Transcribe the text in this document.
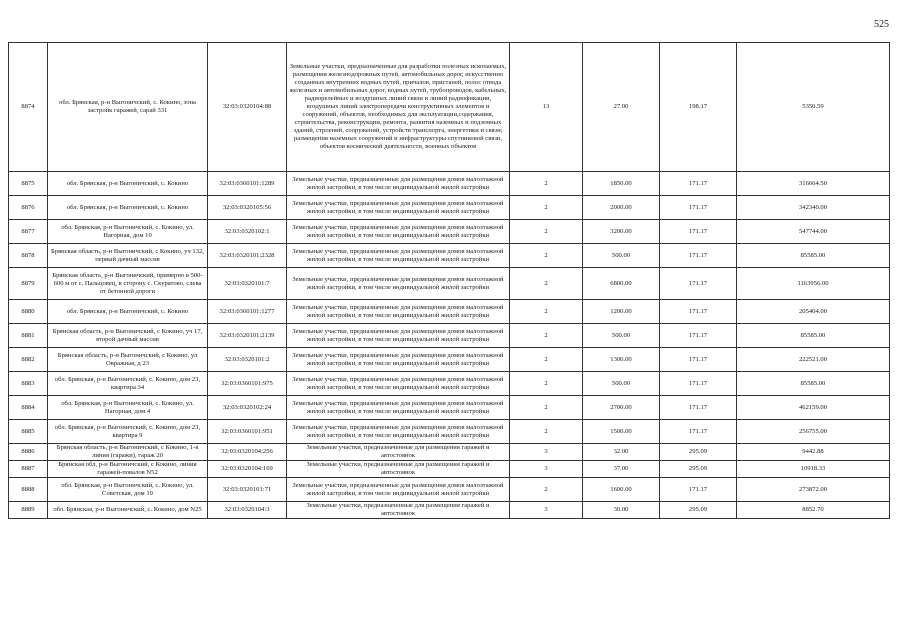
525
8874	обл. Брянская, р-н Выгоничский, с. Кокино, зона застройк гаражей, сарай 331	32:03:0320104:88	Земельные участки, предназначенные для разработки полезных ископаемых, размещения железнодорожных путей, автомобильных дорог, искусственно созданных внутренних водных путей, причалов, пристаней, полос отвода железных и автомобильных дорог, водных путей, трубопроводов, кабельных, радиорелейных и воздушных линий связи и линий радиофикации, воздушных линий электропередачи конструктивных элементов и сооружений, объектов, необходимых для эксплуатации,содержания, строительства, реконструкции, ремонта, развития наземных и подземных зданий, строений, сооружений, устройств транспорта, энергетики и связи; размещения наземных сооружений и инфраструктуры спутниковой связи, объектов космической деятельности, военных объектов	13	27.00	198.17	5350.59
8875	обл. Брянская, р-н Выгоничский, с. Кокино	32:03:0360101:1289	Земельные участки, предназначенные для размещения домов малоэтажной жилой застройки, в том числе индивидуальной жилой застройки	2	1850.00	171.17	316664.50
8876	обл. Брянская, р-н Выгоничский, с. Кокино	32:03:0320105:56	Земельные участки, предназначенные для размещения домов малоэтажной жилой застройки, в том числе индивидуальной жилой застройки	2	2000.00	171.17	342340.00
8877	обл. Брянская, р-н Выгоничский, с. Кокино, ул. Нагорная, дом 10	32:03:0320102:1	Земельные участки, предназначенные для размещения домов малоэтажной жилой застройки, в том числе индивидуальной жилой застройки	2	3200.00	171.17	547744.00
8878	Брянская область, р-н Выгоничский, с Кокино, уч 132, первый дачный массив	32:03:0320101:2328	Земельные участки, предназначенные для размещения домов малоэтажной жилой застройки, в том числе индивидуальной жилой застройки	2	500.00	171.17	85585.00
8879	Брянская область, р-н Выгоничский, примерно в 500-600 м от с. Пальцовец, в сторону с. Скуратово, слева от бетонной дороги	32:03:0320101:7	Земельные участки, предназначенные для размещения домов малоэтажной жилой застройки, в том числе индивидуальной жилой застройки	2	6800.00	171.17	1163956.00
8880	обл. Брянская, р-н Выгоничский, с. Кокино	32:03:0360101:1277	Земельные участки, предназначенные для размещения домов малоэтажной жилой застройки, в том числе индивидуальной жилой застройки	2	1200.00	171.17	205404.00
8881	Брянская область, р-н Выгоничский, с Кокино, уч 17, второй дачный массив	32:03:0320101:2139	Земельные участки, предназначенные для размещения домов малоэтажной жилой застройки, в том числе индивидуальной жилой застройки	2	500.00	171.17	85585.00
8882	Брянская область, р-н Выгоничский, с Кокино, ул Овражная, д 23	32:03:0320101:2	Земельные участки, предназначенные для размещения домов малоэтажной жилой застройки, в том числе индивидуальной жилой застройки	2	1300.00	171.17	222521.00
8883	обл. Брянская, р-н Выгоничский, с. Кокино, дом 23, квартира 34	32:03:0360101:975	Земельные участки, предназначенные для размещения домов малоэтажной жилой застройки, в том числе индивидуальной жилой застройки	2	500.00	171.17	85585.00
8884	обл. Брянская, р-н Выгоничский, с. Кокино, ул. Нагорная, дом 4	32:03:0320102:24	Земельные участки, предназначенные для размещения домов малоэтажной жилой застройки, в том числе индивидуальной жилой застройки	2	2700.00	171.17	462159.00
8885	обл. Брянская, р-н Выгоничский, с. Кокино, дом 23, квартира 9	32:03:0360101:951	Земельные участки, предназначенные для размещения домов малоэтажной жилой застройки, в том числе индивидуальной жилой застройки	2	1500.00	171.17	256755.00
8886	Брянская область, р-н Выгоничский, с Кокино, 1-я линия (гаражи), гараж 20	32:03:0320104:256	Земельные участки, предназначенные для размещения гаражей и автостоянок	3	32.00	295.09	9442.88
8887	Брянская обл, р-н Выгоничский, с Кокино, линия гаражей-повалов N52	32:03:0320104:169	Земельные участки, предназначенные для размещения гаражей и автостоянок	3	37.00	295.09	10918.33
8888	обл. Брянская, р-н Выгоничский, с. Кокино, ул. Советская, дом 19	32:03:0320101:71	Земельные участки, предназначенные для размещения домов малоэтажной жилой застройки, в том числе индивидуальной жилой застройки	2	1600.00	171.17	273872.00
8889	обл. Брянская, р-н Выгоничский, с. Кокино, дом N25	32:03:0320104:3	Земельные участки, предназначенные для размещения гаражей и автостоянок	3	30.00	295.09	8852.70
